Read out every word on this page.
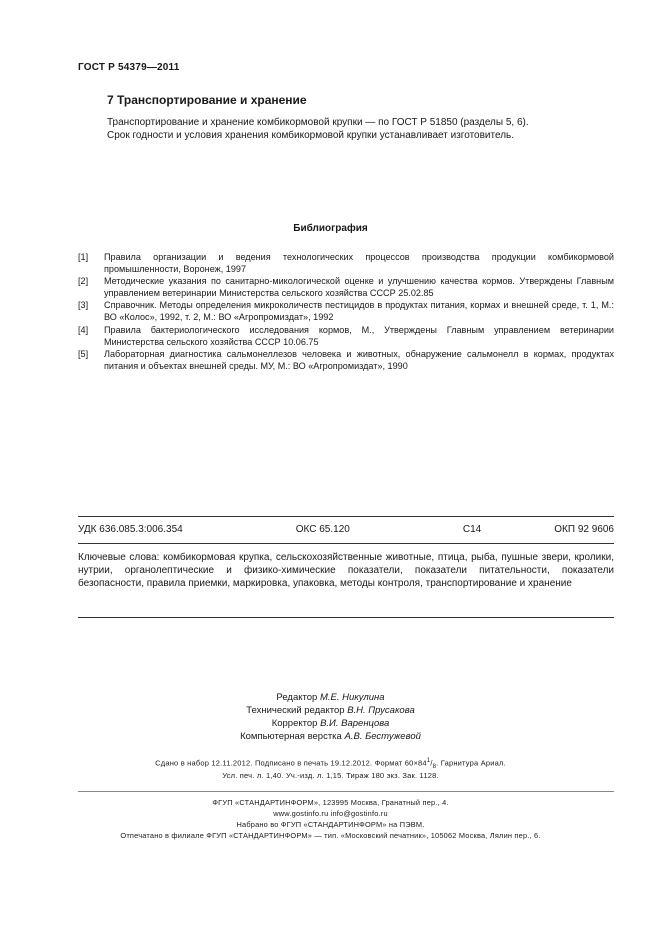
ГОСТ Р 54379—2011
7 Транспортирование и хранение
Транспортирование и хранение комбикормовой крупки — по ГОСТ Р 51850 (разделы 5, 6).
Срок годности и условия хранения комбикормовой крупки устанавливает изготовитель.
Библиография
[1]	Правила организации и ведения технологических процессов производства продукции комбикормовой промышленности, Воронеж, 1997
[2]	Методические указания по санитарно-микологической оценке и улучшению качества кормов. Утверждены Главным управлением ветеринарии Министерства сельского хозяйства СССР 25.02.85
[3]	Справочник. Методы определения микроколичеств пестицидов в продуктах питания, кормах и внешней среде, т. 1, М.: ВО «Колос», 1992, т. 2, М.: ВО «Агропромиздат», 1992
[4]	Правила бактериологического исследования кормов, М., Утверждены Главным управлением ветеринарии Министерства сельского хозяйства СССР 10.06.75
[5]	Лабораторная диагностика сальмонеллезов человека и животных, обнаружение сальмонелл в кормах, продуктах питания и объектах внешней среды. МУ, М.: ВО «Агропромиздат», 1990
УДК 636.085.3:006.354	ОКС 65.120	С14	ОКП 92 9606
Ключевые слова: комбикормовая крупка, сельскохозяйственные животные, птица, рыба, пушные звери, кролики, нутрии, органолептические и физико-химические показатели, показатели питательности, показатели безопасности, правила приемки, маркировка, упаковка, методы контроля, транспортирование и хранение
Редактор М.Е. Никулина
Технический редактор В.Н. Прусакова
Корректор В.И. Варенцова
Компьютерная верстка А.В. Бестужевой
Сдано в набор 12.11.2012. Подписано в печать 19.12.2012. Формат $60\times 84^1/_8$. Гарнитура Ариал.
Усл. печ. л. 1,40. Уч.-изд. л. 1,15. Тираж 180 экз. Зак. 1128.
ФГУП «СТАНДАРТИНФОРМ», 123995 Москва, Гранатный пер., 4.
www.gostinfo.ru info@gostinfo.ru
Набрано во ФГУП «СТАНДАРТИНФОРМ» на ПЭВМ.
Отпечатано в филиале ФГУП «СТАНДАРТИНФОРМ» — тип. «Московский печатник», 105062 Москва, Лялин пер., 6.
